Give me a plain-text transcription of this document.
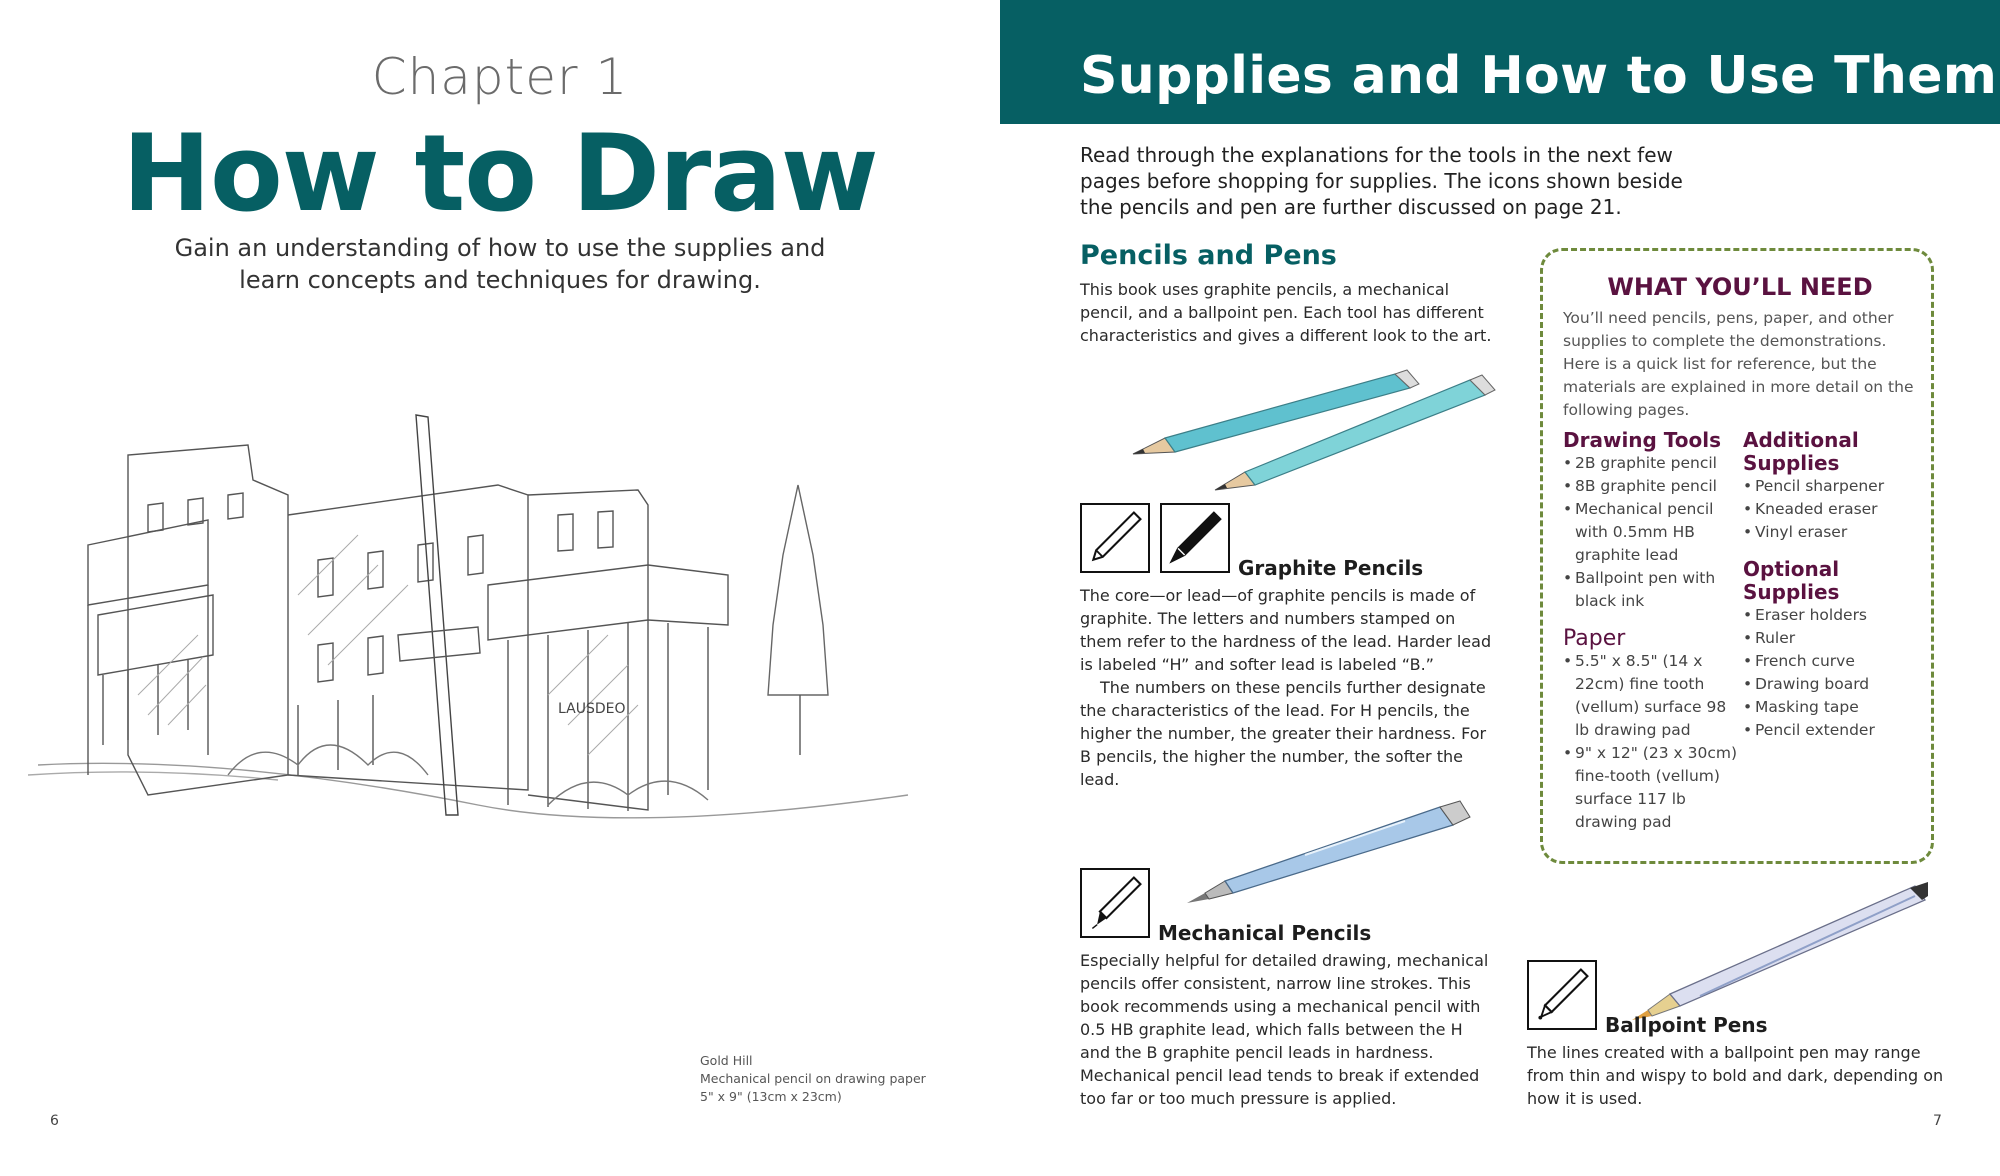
Chapter 1
How to Draw
Gain an understanding of how to use the supplies and
learn concepts and techniques for drawing.
LAUSDEO
Gold Hill
Mechanical pencil on drawing paper
5" x 9" (13cm x 23cm)
6
Supplies and How to Use Them
Read through the explanations for the tools in the next few pages before shopping for supplies. The icons shown beside the pencils and pen are further discussed on page 21.
Pencils and Pens
This book uses graphite pencils, a mechanical pencil, and a ballpoint pen. Each tool has different characteristics and gives a different look to the art.
Graphite Pencils

The core—or lead—of graphite pencils is made of graphite. The letters and numbers stamped on them refer to the hardness of the lead. Harder lead is labeled “H” and softer lead is labeled “B.”

The numbers on these pencils further designate the characteristics of the lead. For H pencils, the higher the number, the greater their hardness. For B pencils, the higher the number, the softer the lead.

Mechanical Pencils
Especially helpful for detailed drawing, mechanical pencils offer consistent, narrow line strokes. This book recommends using a mechanical pencil with 0.5 HB graphite lead, which falls between the H and the B graphite pencil leads in hardness. Mechanical pencil lead tends to break if extended too far or too much pressure is applied.
Ballpoint Pens
The lines created with a ballpoint pen may range from thin and wispy to bold and dark, depending on how it is used.
WHAT YOU’LL NEED
You’ll need pencils, pens, paper, and other supplies to complete the demonstrations. Here is a quick list for reference, but the materials are explained in more detail on the following pages.
Drawing Tools
• 2B graphite pencil
• 8B graphite pencil
• Mechanical pencil with 0.5mm HB graphite lead
• Ballpoint pen with black ink
Paper
• 5.5" x 8.5" (14 x 22cm) fine tooth (vellum) surface 98 lb drawing pad
• 9" x 12" (23 x 30cm) fine-tooth (vellum) surface 117 lb drawing pad
Additional Supplies
• Pencil sharpener
• Kneaded eraser
• Vinyl eraser
Optional Supplies
• Eraser holders
• Ruler
• French curve
• Drawing board
• Masking tape
• Pencil extender
7
